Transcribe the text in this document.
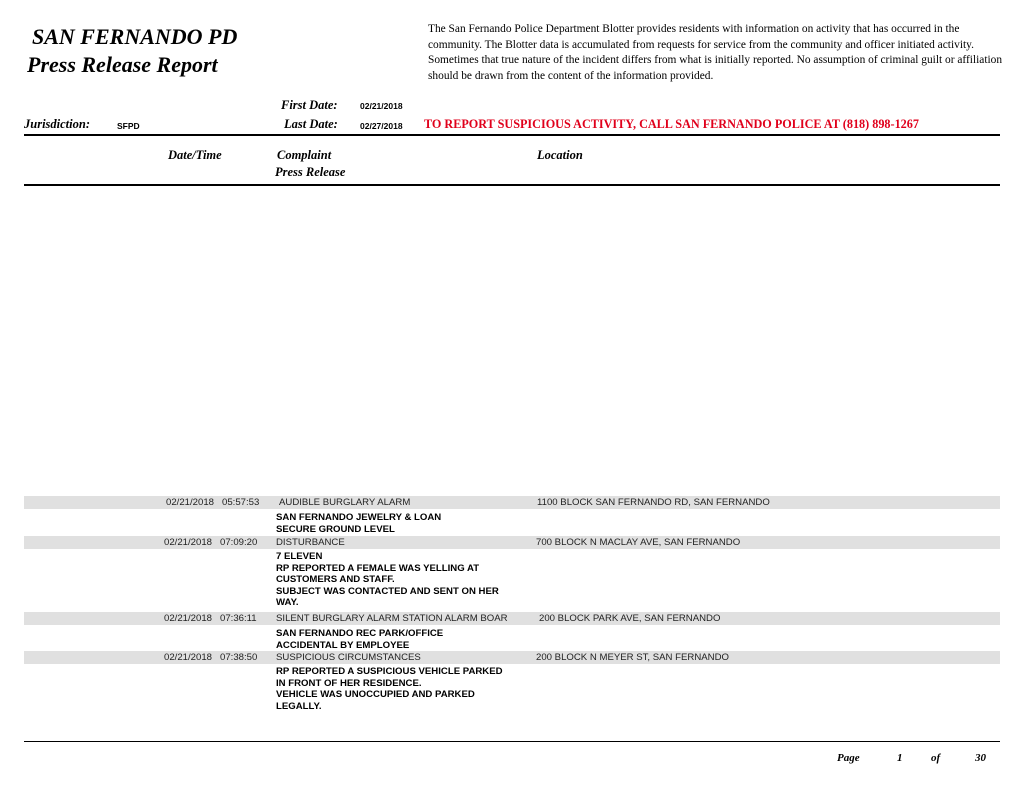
SAN FERNANDO PD
Press Release Report
The San Fernando Police Department Blotter provides residents with information on activity that has occurred in the community. The Blotter data is accumulated from requests for service from the community and officer initiated activity. Sometimes that true nature of the incident differs from what is initially reported. No assumption of criminal guilt or affiliation should be drawn from the content of the information provided.
First Date:	02/21/2018
Jurisdiction:	SFPD	Last Date:	02/27/2018 TO REPORT SUSPICIOUS ACTIVITY, CALL SAN FERNANDO POLICE AT (818) 898-1267
Date/Time	Complaint
Press Release
Location
02/21/2018 05:57:53 AUDIBLE BURGLARY ALARM	1100 BLOCK SAN FERNANDO RD, SAN FERNANDO
SAN FERNANDO JEWELRY & LOAN
SECURE GROUND LEVEL
02/21/2018 07:09:20 DISTURBANCE	700 BLOCK N MACLAY AVE, SAN FERNANDO
7 ELEVEN
RP REPORTED A FEMALE WAS YELLING AT
CUSTOMERS AND STAFF.
SUBJECT WAS CONTACTED AND SENT ON HER
WAY.
02/21/2018 07:36:11 SILENT BURGLARY ALARM STATION ALARM BOAR	200 BLOCK PARK AVE, SAN FERNANDO
SAN FERNANDO REC PARK/OFFICE
ACCIDENTAL BY EMPLOYEE
02/21/2018 07:38:50 SUSPICIOUS CIRCUMSTANCES	200 BLOCK N MEYER ST, SAN FERNANDO
RP REPORTED A SUSPICIOUS VEHICLE PARKED
IN FRONT OF HER RESIDENCE.
VEHICLE WAS UNOCCUPIED AND PARKED
LEGALLY.
Page	1	of	30
